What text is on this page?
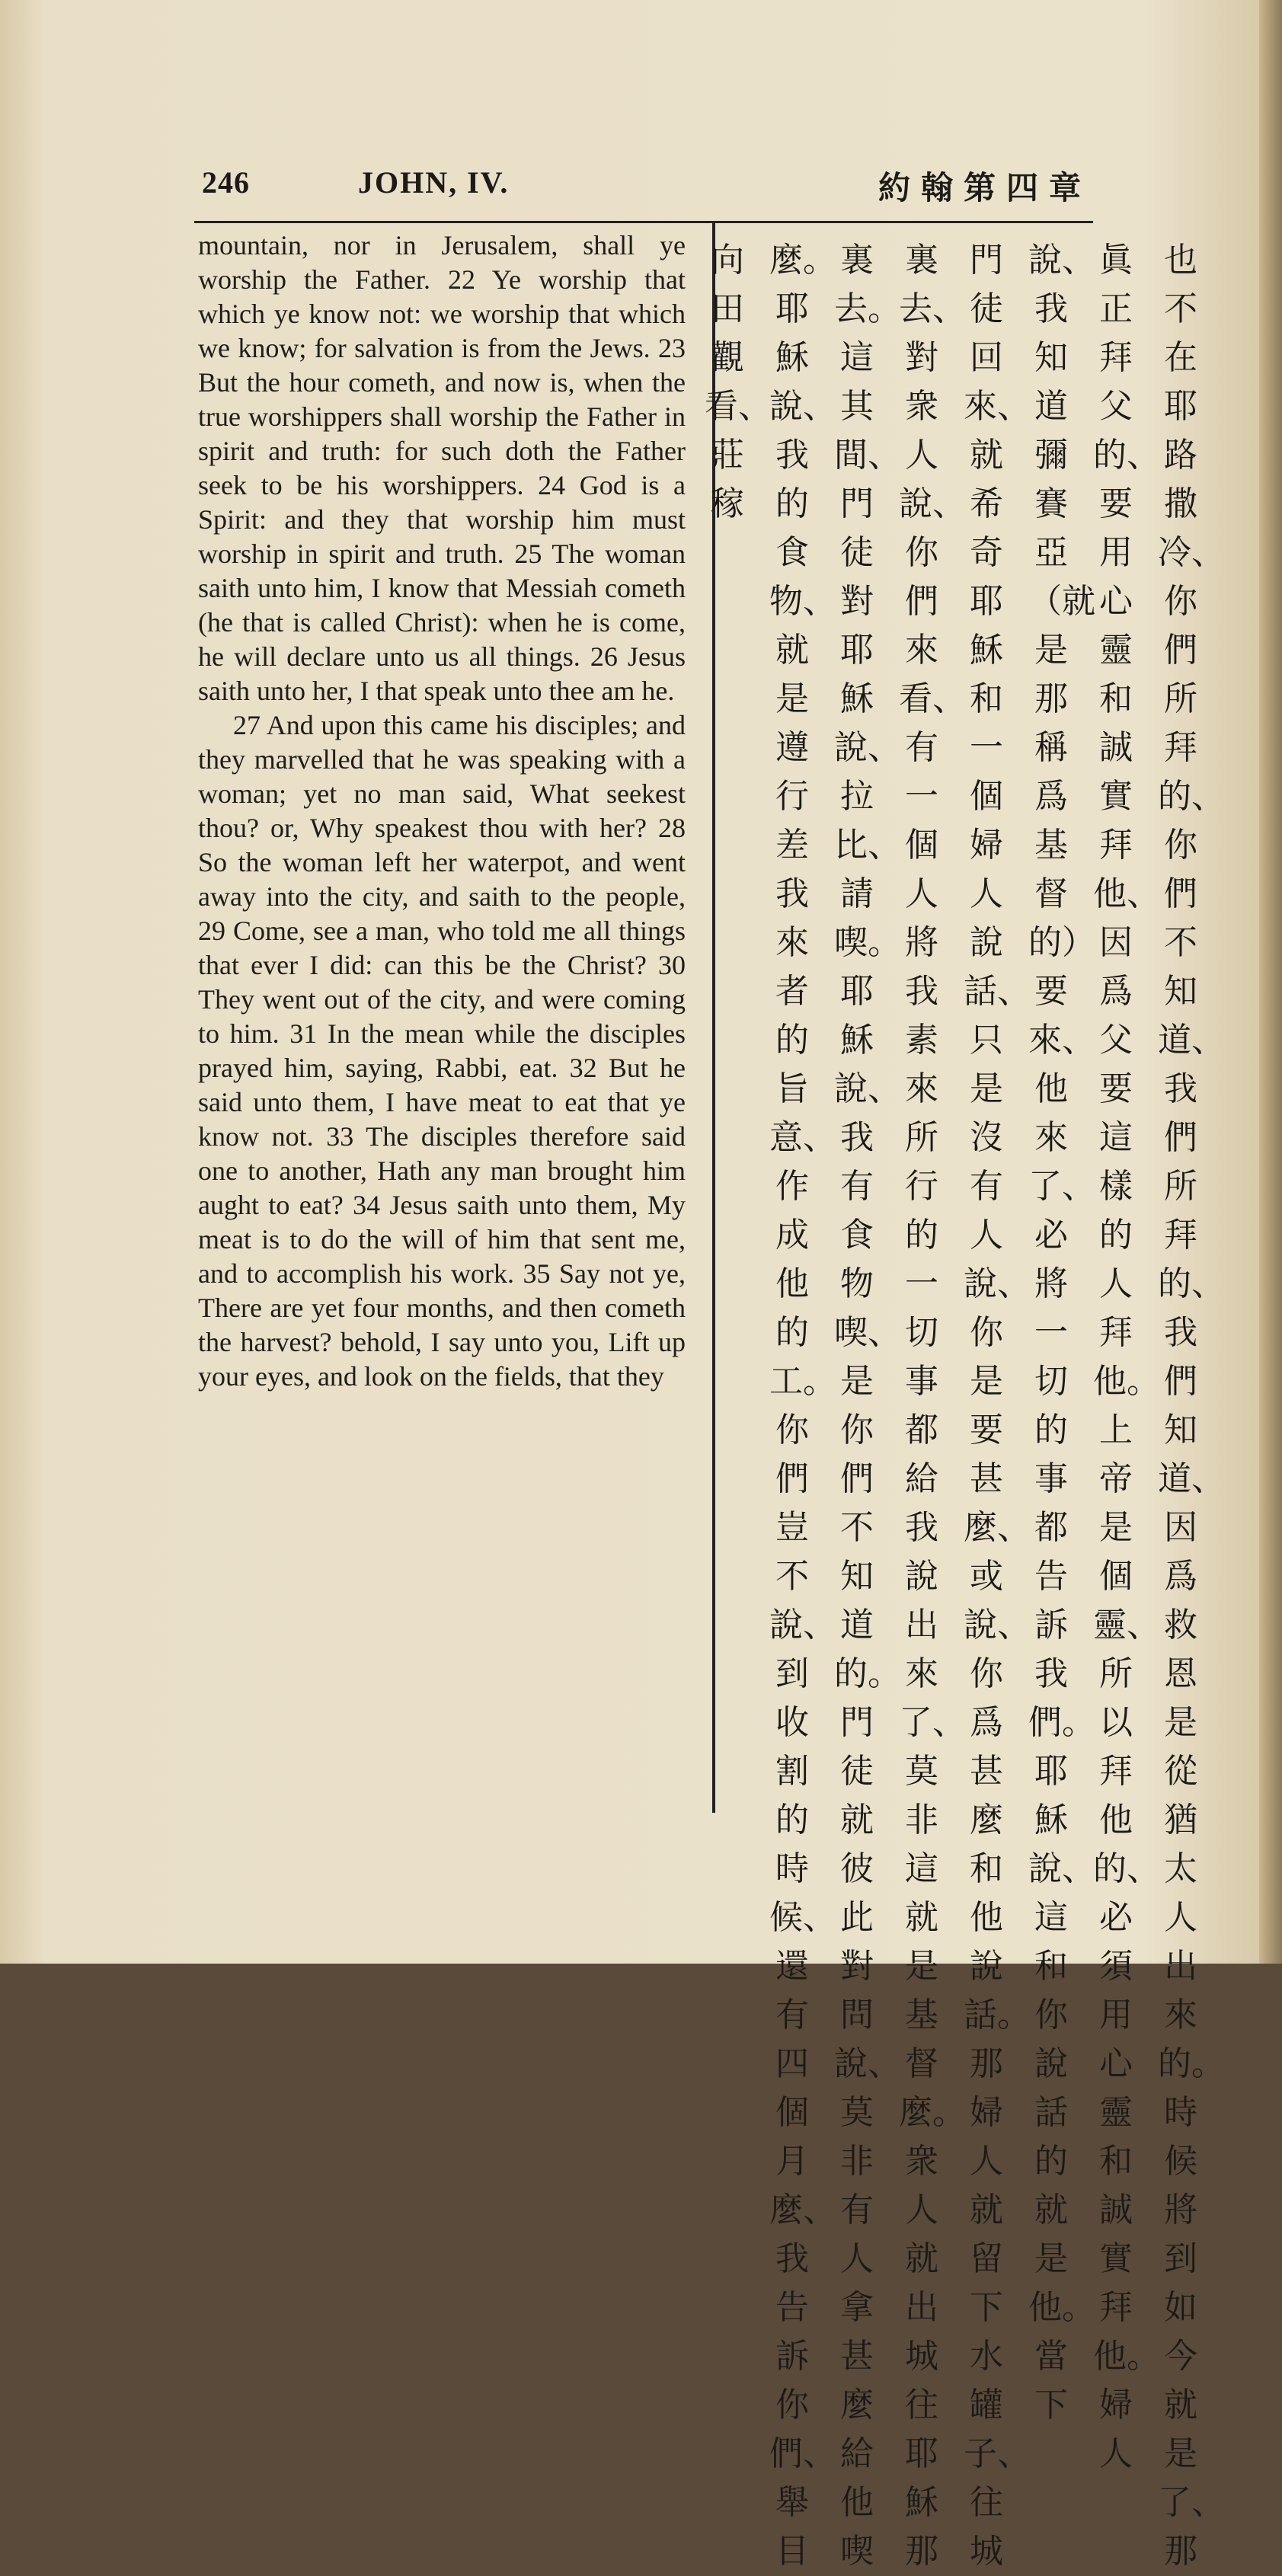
246	JOHN, IV.	約翰第四章

mountain, nor in Jerusalem, shall ye worship the Father. 22 Ye worship that which ye know not: we worship that which we know; for salvation is from the Jews. 23 But the hour cometh, and now is, when the true worshippers shall worship the Father in spirit and truth: for such doth the Father seek to be his worshippers. 24 God is a Spirit: and they that worship him must worship in spirit and truth. 25 The woman saith unto him, I know that Messiah cometh (he that is called Christ): when he is come, he will declare unto us all things. 26 Jesus saith unto her, I that speak unto thee am he.

27 And upon this came his disciples; and they marvelled that he was speaking with a woman; yet no man said, What seekest thou? or, Why speakest thou with her? 28 So the woman left her waterpot, and went away into the city, and saith to the people, 29 Come, see a man, who told me all things that ever I did: can this be the Christ? 30 They went out of the city, and were coming to him. 31 In the mean while the disciples prayed him, saying, Rabbi, eat. 32 But he said unto them, I have meat to eat that ye know not. 33 The disciples therefore said one to another, Hath any man brought him aught to eat? 34 Jesus saith unto them, My meat is to do the will of him that sent me, and to accomplish his work. 35 Say not ye, There are yet four months, and then cometh the harvest? behold, I say unto you, Lift up your eyes, and look on the fields, that they

也不在耶路撒冷、你們所拜的、你們不知道、我們所拜的、我們知道、因爲救恩是從猶太人出來的。時候將到如今就是了、那
眞正拜父的、要用心靈和誠實拜他、因爲父要這樣的人拜他。上帝是個靈、所以拜他的、必須用心靈和誠實拜他。婦人
說、我知道彌賽亞（就是那稱爲基督的）要來、他來了、必將一切的事都告訴我們。耶穌說、這和你說話的就是他。當下
門徒回來、就希奇耶穌和一個婦人說話、只是沒有人說、你是要甚麼、或說、你爲甚麼和他說話。那婦人就留下水罐子、往城
裏去、對衆人說、你們來看、有一個人將我素來所行的一切事都給我說出來了、莫非這就是基督麼。衆人就出城往耶穌那
裏去。這其間、門徒對耶穌說、拉比、請喫。耶穌說、我有食物喫、是你們不知道的。門徒就彼此對問說、莫非有人拿甚麼給他喫
麼。耶穌說、我的食物、就是遵行差我來者的旨意、作成他的工。你們豈不說、到收割的時候、還有四個月麼、我告訴你們、舉目
向田觀看、莊稼
